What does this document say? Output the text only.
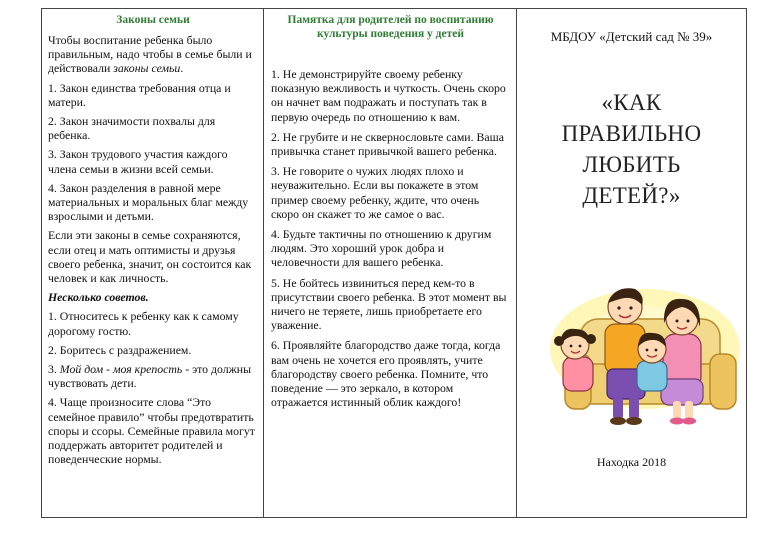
Законы семьи

Чтобы воспитание ребенка было правильным, надо чтобы в семье были и действовали законы семьи.

1. Закон единства требования отца и матери.

2. Закон значимости похвалы для ребенка.

3. Закон трудового участия каждого члена семьи в жизни всей семьи.

4. Закон разделения в равной мере материальных и моральных благ между взрослыми и детьми.

Если эти законы в семье сохраняются, если отец и мать оптимисты и друзья своего ребенка, значит, он состоится как человек и как личность.

Несколько советов.

1. Относитесь к ребенку как к самому дорогому гостю.

2. Боритесь с раздражением.

3. Мой дом - моя крепость - это должны чувствовать дети.

4. Чаще произносите слова “Это семейное правило” чтобы предотвратить споры и ссоры. Семейные правила могут поддержать авторитет родителей и поведенческие нормы.

Памятка для родителей по воспитанию культуры поведения у детей

1. Не демонстрируйте своему ребенку показную вежливость и чуткость. Очень скоро он начнет вам подражать и поступать так в первую очередь по отношению к вам.

2. Не грубите и не сквернословьте сами. Ваша привычка станет привычкой вашего ребенка.

3. Не говорите о чужих людях плохо и неуважительно. Если вы покажете в этом пример своему ребенку, ждите, что очень скоро он скажет то же самое о вас.

4. Будьте тактичны по отношению к другим людям. Это хороший урок добра и человечности для вашего ребенка.

5. Не бойтесь извиниться перед кем-то в присутствии своего ребенка. В этот момент вы ничего не теряете, лишь приобретаете его уважение.

6. Проявляйте благородство даже тогда, когда вам очень не хочется его проявлять, учите благородству своего ребенка. Помните, что поведение — это зеркало, в котором отражается истинный облик каждого!

МБДОУ «Детский сад № 39»
«КАК
ПРАВИЛЬНО
ЛЮБИТЬ
ДЕТЕЙ?»
Находка 2018
